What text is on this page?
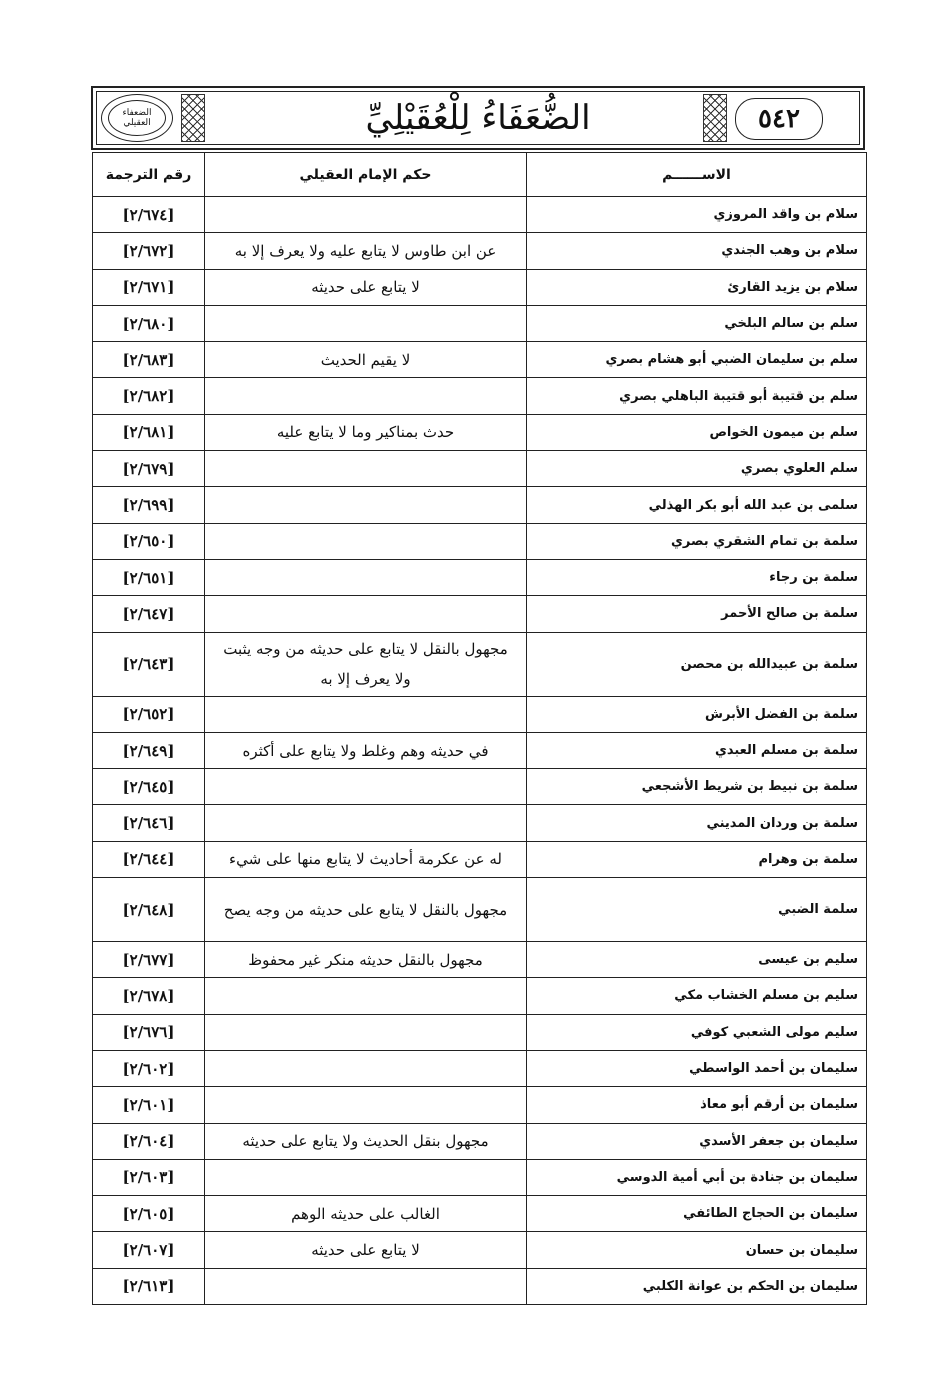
الضعفاء العقيلي	الضُّعَفَاءُ لِلْعُقَيْلِيِّ	٥٤٢
الاســــــم	حكم الإمام العقيلي	رقم الترجمة
سلام بن واقد المروزي		[٢/٦٧٤]
سلام بن وهب الجندي	عن ابن طاوس لا يتابع عليه ولا يعرف إلا به	[٢/٦٧٢]
سلام بن يزيد القارئ	لا يتابع على حديثه	[٢/٦٧١]
سلم بن سالم البلخي		[٢/٦٨٠]
سلم بن سليمان الضبي أبو هشام بصري	لا يقيم الحديث	[٢/٦٨٣]
سلم بن قتيبة أبو قتيبة الباهلي بصري		[٢/٦٨٢]
سلم بن ميمون الخواص	حدث بمناكير وما لا يتابع عليه	[٢/٦٨١]
سلم العلوي بصري		[٢/٦٧٩]
سلمى بن عبد الله أبو بكر الهذلي		[٢/٦٩٩]
سلمة بن تمام الشقري بصري		[٢/٦٥٠]
سلمة بن رجاء		[٢/٦٥١]
سلمة بن صالح الأحمر		[٢/٦٤٧]
سلمة بن عبيدالله بن محصن	مجهول بالنقل لا يتابع على حديثه من وجه يثبت ولا يعرف إلا به	[٢/٦٤٣]
سلمة بن الفضل الأبرش		[٢/٦٥٢]
سلمة بن مسلم العبدي	في حديثه وهم وغلط ولا يتابع على أكثره	[٢/٦٤٩]
سلمة بن نبيط بن شريط الأشجعي		[٢/٦٤٥]
سلمة بن وردان المديني		[٢/٦٤٦]
سلمة بن وهرام	له عن عكرمة أحاديث لا يتابع منها على شيء	[٢/٦٤٤]
سلمة الضبي	مجهول بالنقل لا يتابع على حديثه من وجه يصح	[٢/٦٤٨]
سليم بن عيسى	مجهول بالنقل حديثه منكر غير محفوظ	[٢/٦٧٧]
سليم بن مسلم الخشاب مكي		[٢/٦٧٨]
سليم مولى الشعبي كوفي		[٢/٦٧٦]
سليمان بن أحمد الواسطي		[٢/٦٠٢]
سليمان بن أرقم أبو معاذ		[٢/٦٠١]
سليمان بن جعفر الأسدي	مجهول بنقل الحديث ولا يتابع على حديثه	[٢/٦٠٤]
سليمان بن جنادة بن أبي أمية الدوسي		[٢/٦٠٣]
سليمان بن الحجاج الطائفي	الغالب على حديثه الوهم	[٢/٦٠٥]
سليمان بن حسان	لا يتابع على حديثه	[٢/٦٠٧]
سليمان بن الحكم بن عوانة الكلبي		[٢/٦١٣]
